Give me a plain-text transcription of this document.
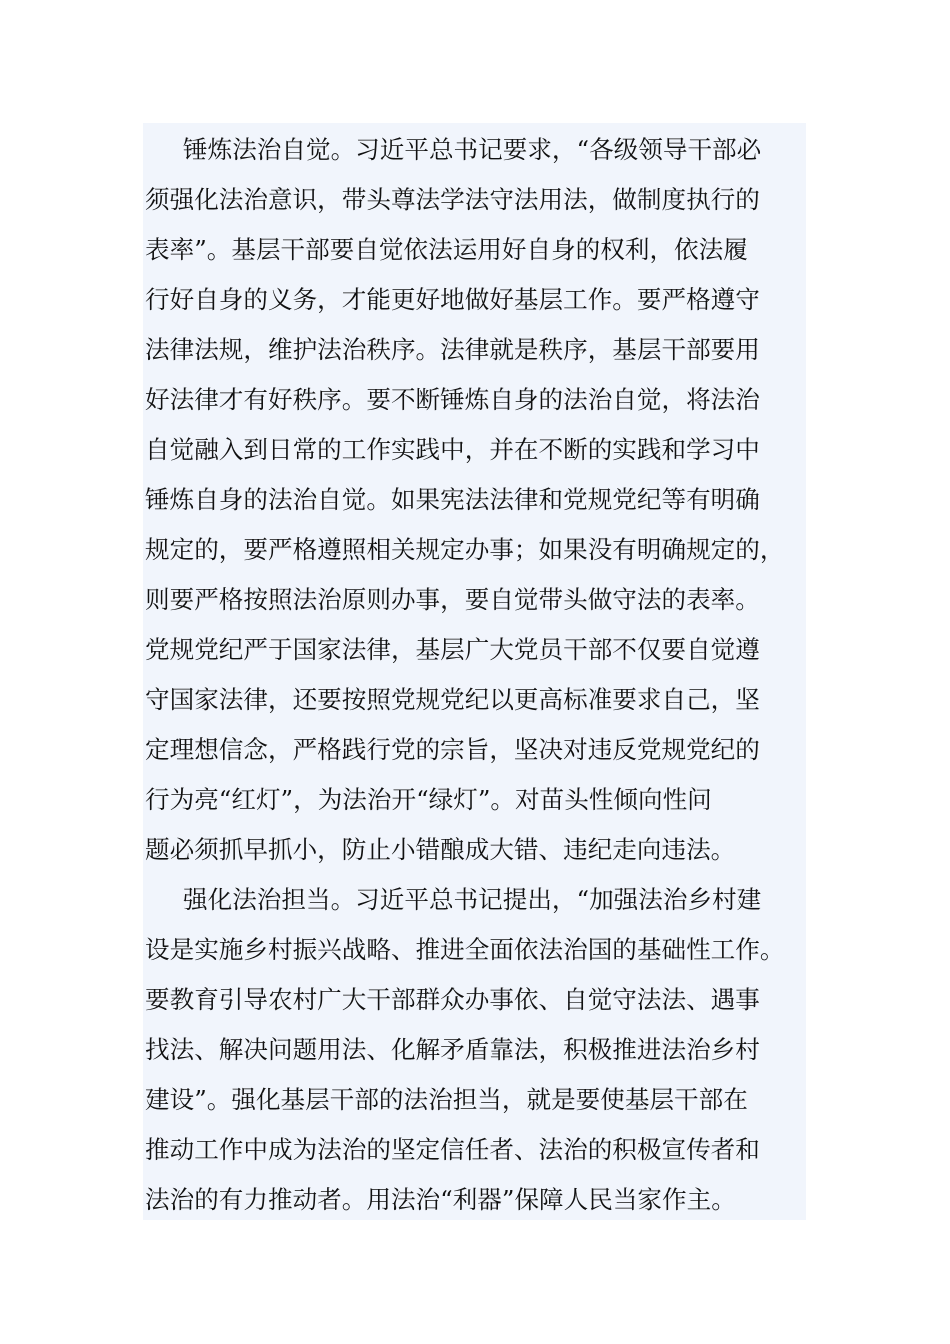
锤炼法治自觉。习近平总书记要求，“各级领导干部必
须强化法治意识，带头尊法学法守法用法，做制度执行的
表率”。基层干部要自觉依法运用好自身的权利，依法履
行好自身的义务，才能更好地做好基层工作。要严格遵守
法律法规，维护法治秩序。法律就是秩序，基层干部要用
好法律才有好秩序。要不断锤炼自身的法治自觉，将法治
自觉融入到日常的工作实践中，并在不断的实践和学习中
锤炼自身的法治自觉。如果宪法法律和党规党纪等有明确
规定的，要严格遵照相关规定办事；如果没有明确规定的，
则要严格按照法治原则办事，要自觉带头做守法的表率。
党规党纪严于国家法律，基层广大党员干部不仅要自觉遵
守国家法律，还要按照党规党纪以更高标准要求自己，坚
定理想信念，严格践行党的宗旨，坚决对违反党规党纪的
行为亮“红灯”，为法治开“绿灯”。对苗头性倾向性问
题必须抓早抓小，防止小错酿成大错、违纪走向违法。
强化法治担当。习近平总书记提出，“加强法治乡村建
设是实施乡村振兴战略、推进全面依法治国的基础性工作。
要教育引导农村广大干部群众办事依、自觉守法法、遇事
找法、解决问题用法、化解矛盾靠法，积极推进法治乡村
建设”。强化基层干部的法治担当，就是要使基层干部在
推动工作中成为法治的坚定信任者、法治的积极宣传者和
法治的有力推动者。用法治“利器”保障人民当家作主。
